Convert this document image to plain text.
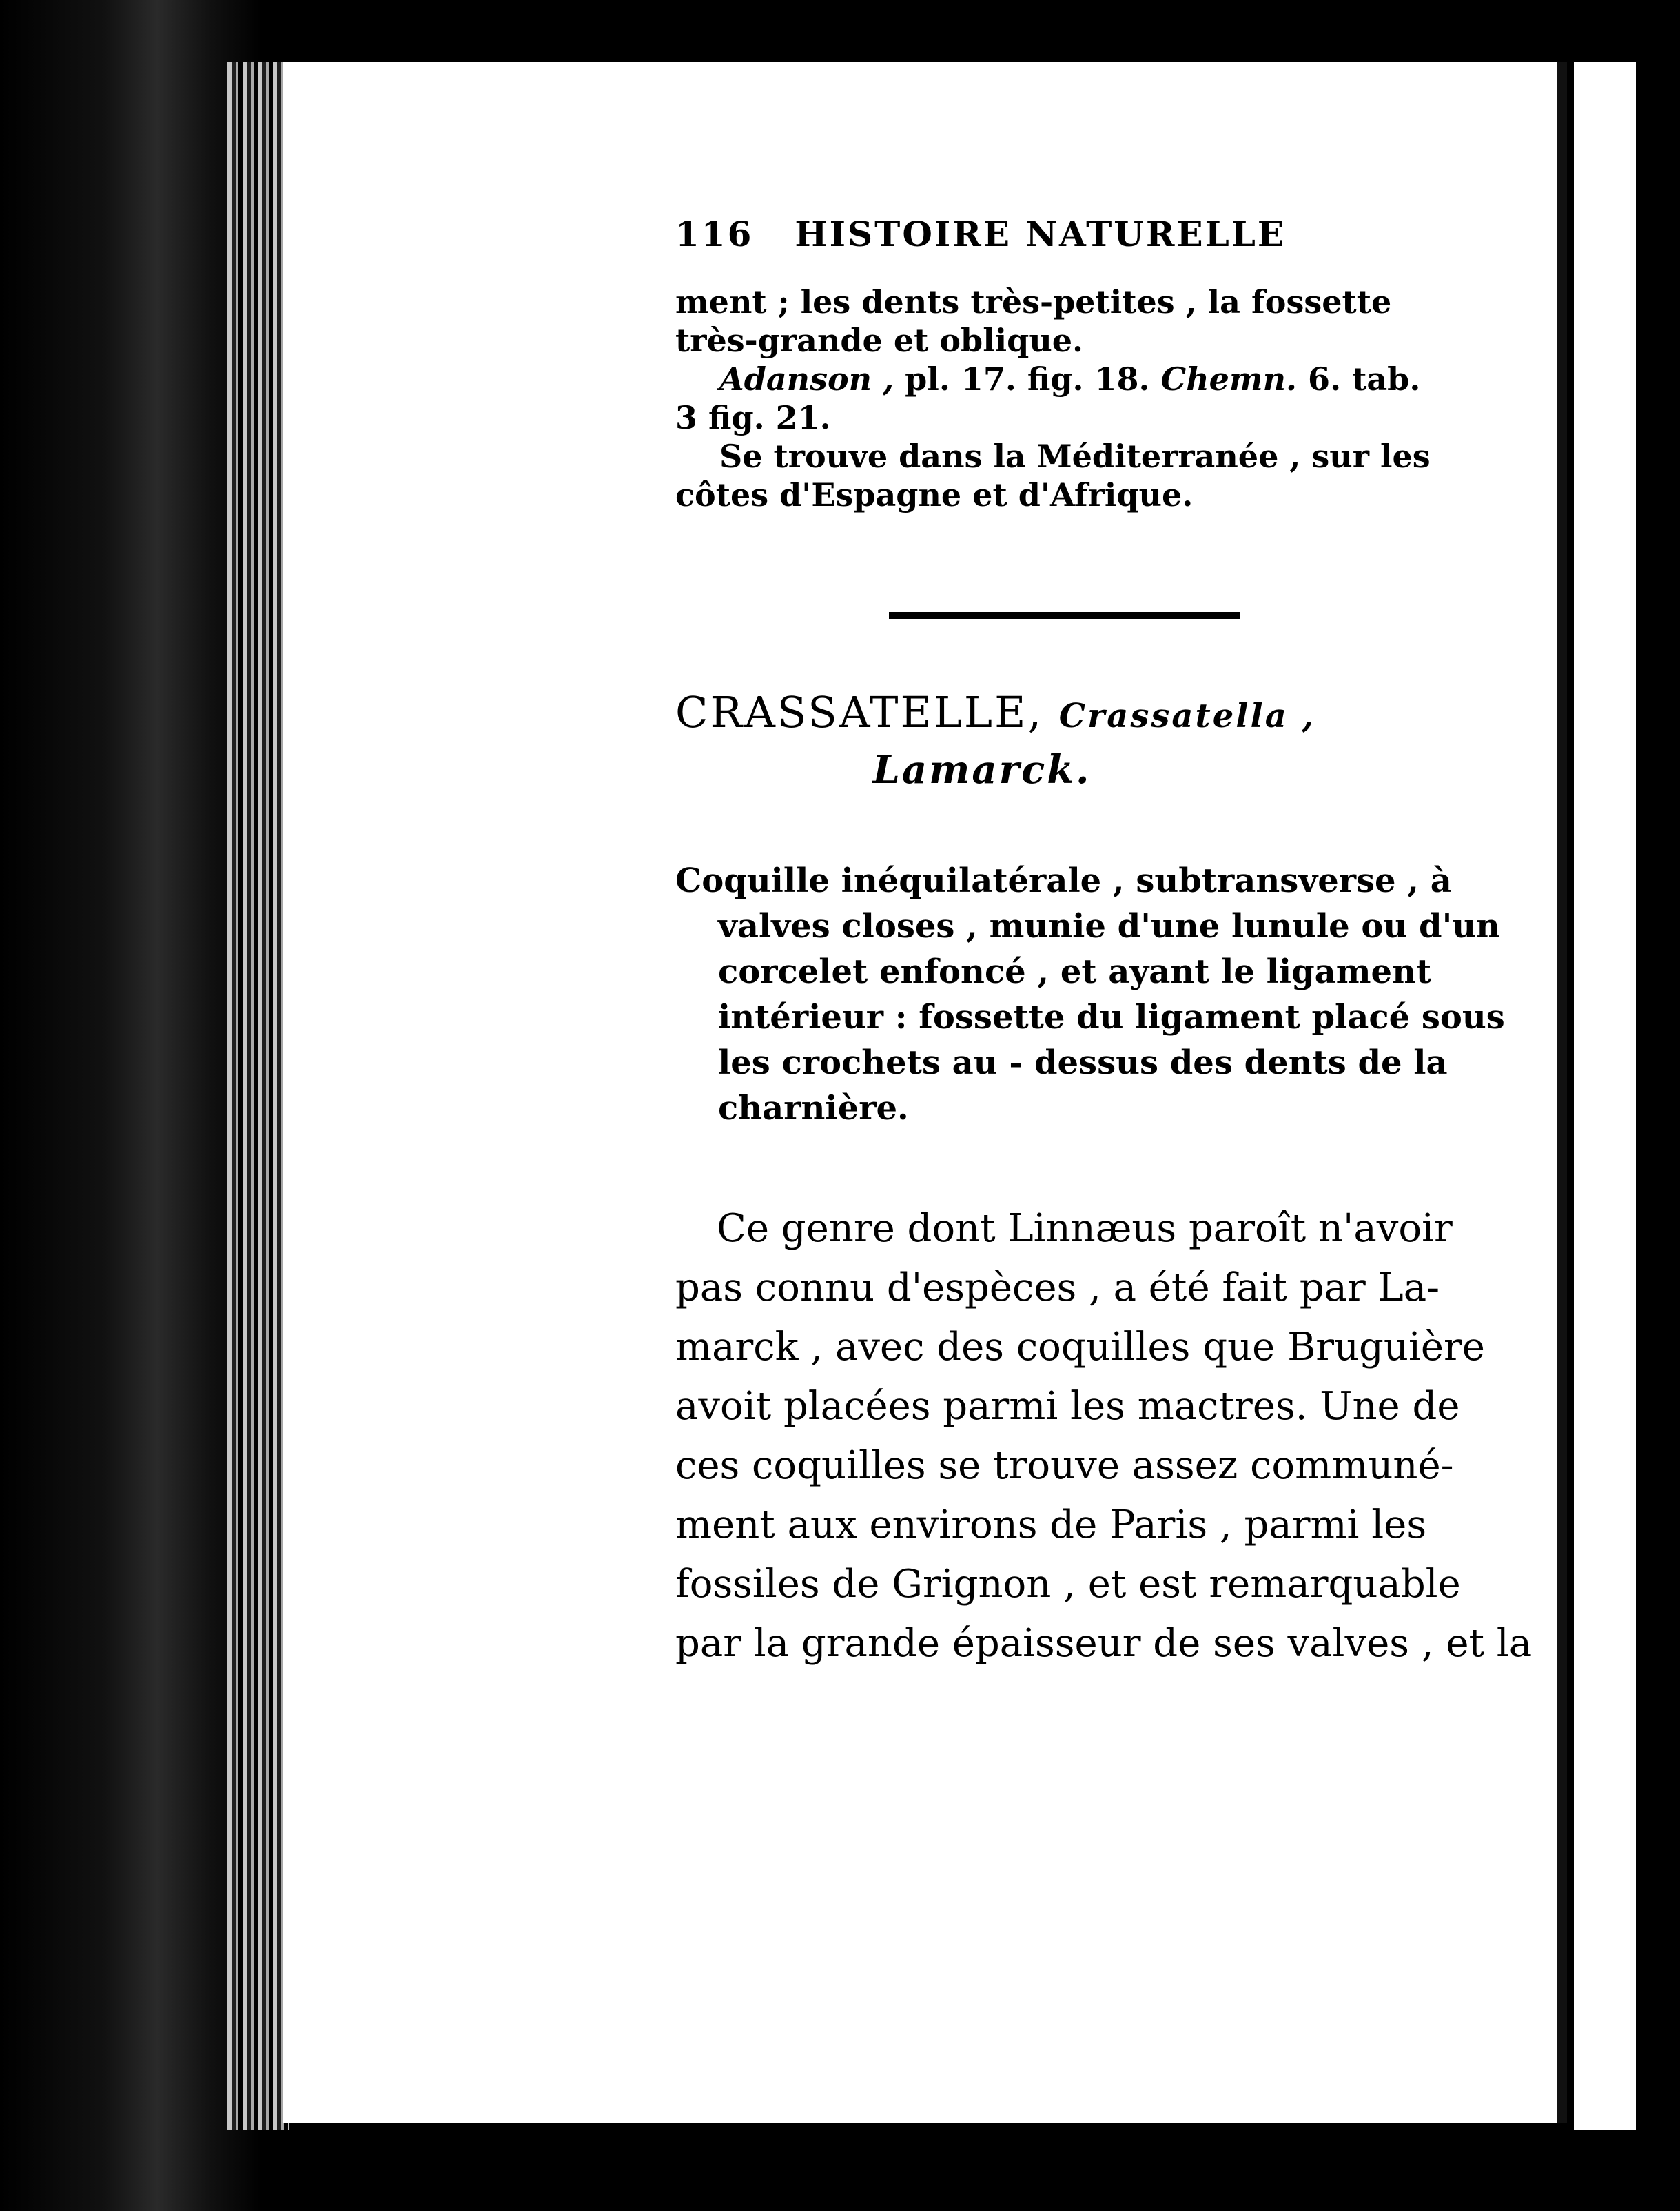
116 HISTOIRE NATURELLE
ment ; les dents très-petites , la fossette
très-grande et oblique.
Adanson , pl. 17. fig. 18. Chemn. 6. tab.
3 fig. 21.
Se trouve dans la Méditerranée , sur les
côtes d'Espagne et d'Afrique.
CRASSATELLE, Crassatella ,
Lamarck.
Coquille inéquilatérale , subtransverse , à
valves closes , munie d'une lunule ou d'un
corcelet enfoncé , et ayant le ligament
intérieur : fossette du ligament placé sous
les crochets au - dessus des dents de la
charnière.
Ce genre dont Linnæus paroît n'avoir
pas connu d'espèces , a été fait par La-
marck , avec des coquilles que Bruguière
avoit placées parmi les mactres. Une de
ces coquilles se trouve assez communé-
ment aux environs de Paris , parmi les
fossiles de Grignon , et est remarquable
par la grande épaisseur de ses valves , et la
